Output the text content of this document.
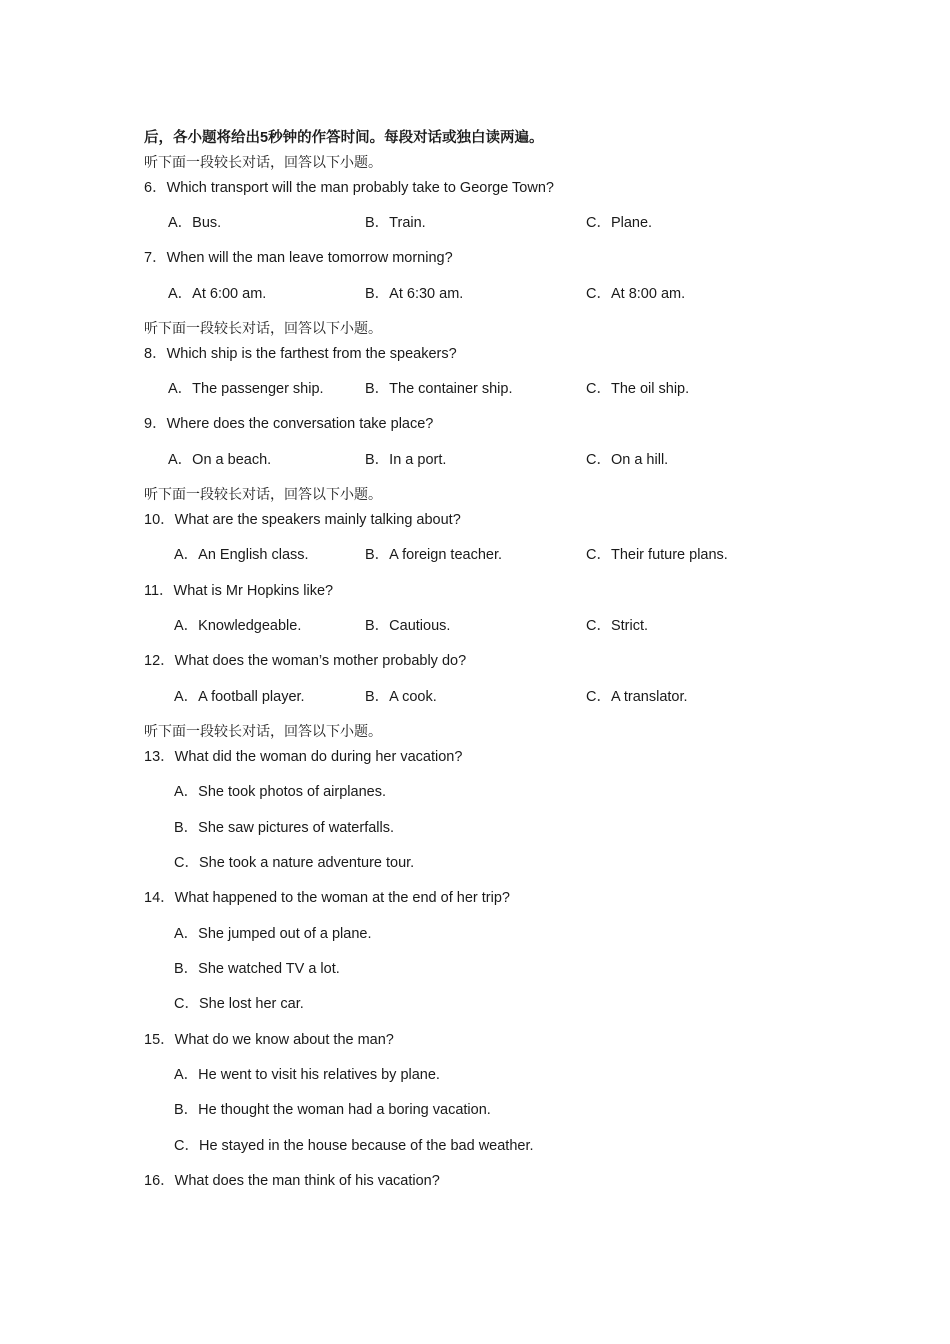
后，各小题将给出5秒钟的作答时间。每段对话或独白读两遍。
听下面一段较长对话，回答以下小题。
6．Which transport will the man probably take to George Town?
A．Bus.	B．Train.	C．Plane.
7．When will the man leave tomorrow morning?
A．At 6:00 am.	B．At 6:30 am.	C．At 8:00 am.
听下面一段较长对话，回答以下小题。
8．Which ship is the farthest from the speakers?
A．The passenger ship.	B．The container ship.	C．The oil ship.
9．Where does the conversation take place?
A．On a beach.	B．In a port.	C．On a hill.
听下面一段较长对话，回答以下小题。
10．What are the speakers mainly talking about?
A．An English class.	B．A foreign teacher.	C．Their future plans.
11．What is Mr Hopkins like?
A．Knowledgeable.	B．Cautious.	C．Strict.
12．What does the woman’s mother probably do?
A．A football player.	B．A cook.	C．A translator.
听下面一段较长对话，回答以下小题。
13．What did the woman do during her vacation?
A．She took photos of airplanes.
B．She saw pictures of waterfalls.
C．She took a nature adventure tour.
14．What happened to the woman at the end of her trip?
A．She jumped out of a plane.
B．She watched TV a lot.
C．She lost her car.
15．What do we know about the man?
A．He went to visit his relatives by plane.
B．He thought the woman had a boring vacation.
C．He stayed in the house because of the bad weather.
16．What does the man think of his vacation?
